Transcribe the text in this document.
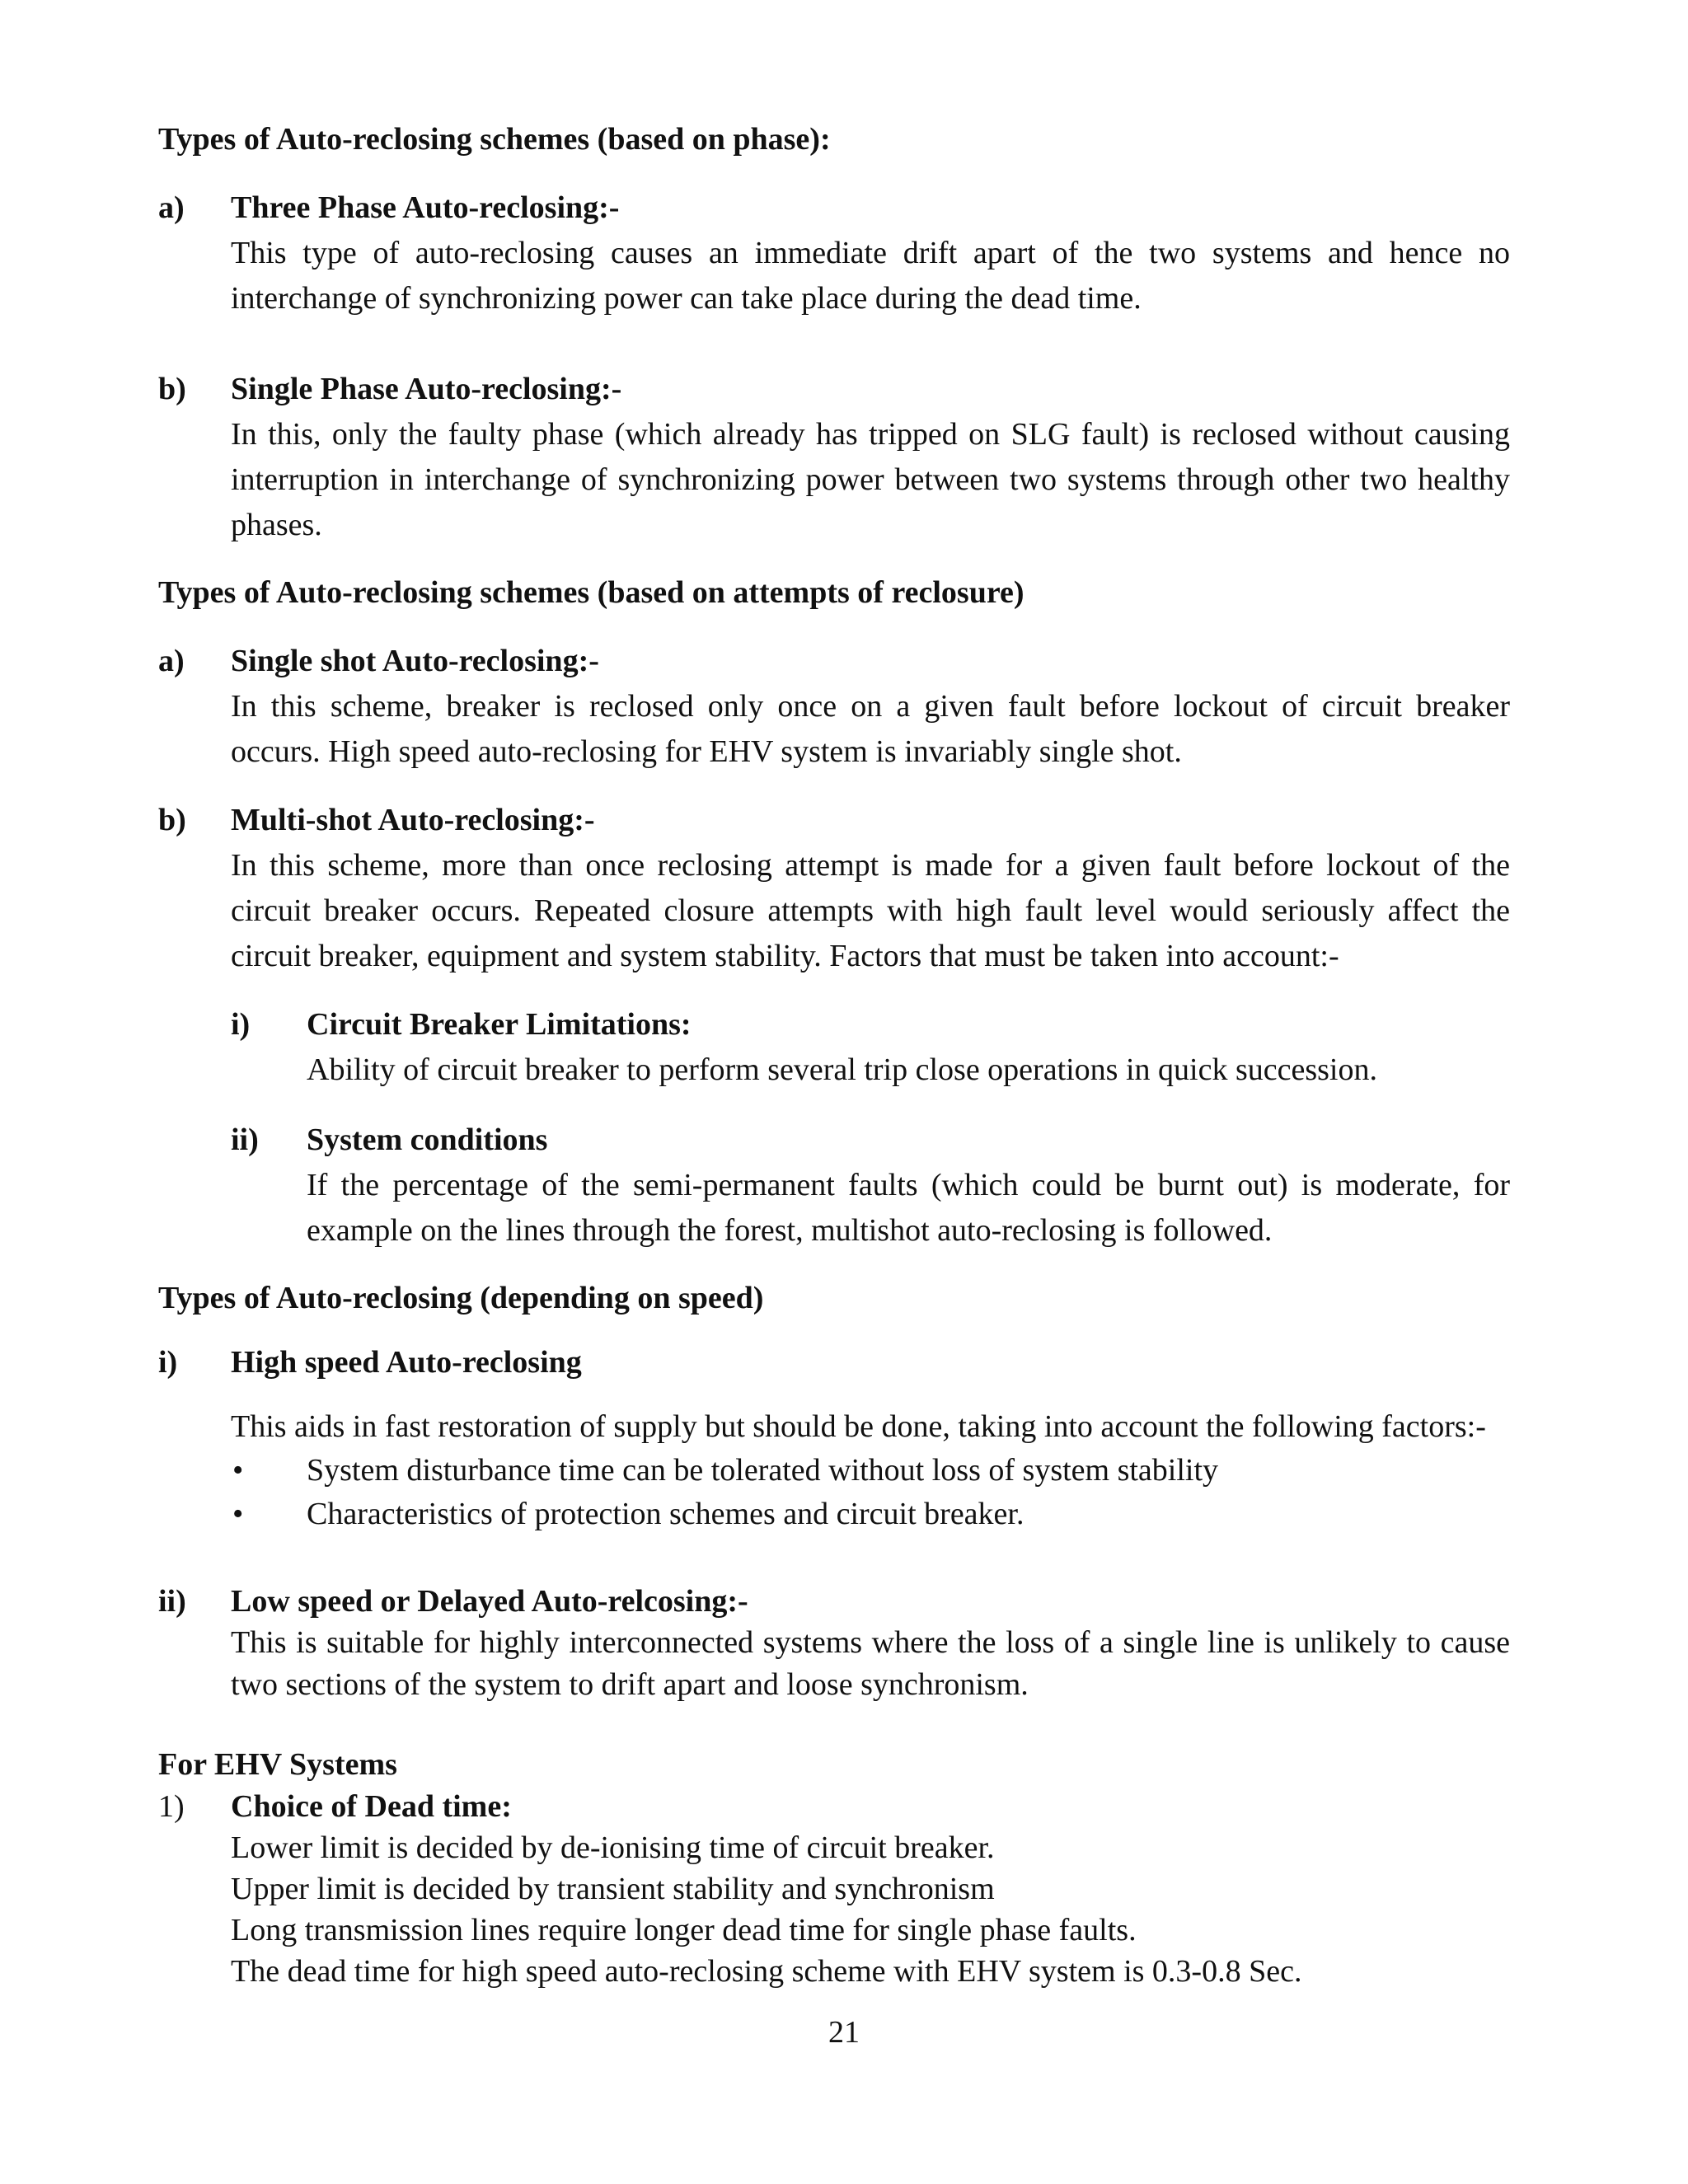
Types of Auto-reclosing schemes (based on phase):
a) Three Phase Auto-reclosing:-
This type of auto-reclosing causes an immediate drift apart of the two systems and hence no
interchange of synchronizing power can take place during the dead time.
b) Single Phase Auto-reclosing:-
In this, only the faulty phase (which already has tripped on SLG fault) is reclosed without causing
interruption in interchange of synchronizing power between two systems through other two healthy
phases.
Types of Auto-reclosing schemes (based on attempts of reclosure)
a) Single shot Auto-reclosing:-
In this scheme, breaker is reclosed only once on a given fault before lockout of circuit breaker
occurs. High speed auto-reclosing for EHV system is invariably single shot.
b) Multi-shot Auto-reclosing:-
In this scheme, more than once reclosing attempt is made for a given fault before lockout of the
circuit breaker occurs. Repeated closure attempts with high fault level would seriously affect the
circuit breaker, equipment and system stability. Factors that must be taken into account:-
i) Circuit Breaker Limitations:
Ability of circuit breaker to perform several trip close operations in quick succession.
ii) System conditions
If the percentage of the semi-permanent faults (which could be burnt out) is moderate, for
example on the lines through the forest, multishot auto-reclosing is followed.
Types of Auto-reclosing (depending on speed)
i) High speed Auto-reclosing
This aids in fast restoration of supply but should be done, taking into account the following factors:-
• System disturbance time can be tolerated without loss of system stability
• Characteristics of protection schemes and circuit breaker.
ii) Low speed or Delayed Auto-relcosing:-
This is suitable for highly interconnected systems where the loss of a single line is unlikely to cause
two sections of the system to drift apart and loose synchronism.
For EHV Systems
1) Choice of Dead time:
Lower limit is decided by de-ionising time of circuit breaker.
Upper limit is decided by transient stability and synchronism
Long transmission lines require longer dead time for single phase faults.
The dead time for high speed auto-reclosing scheme with EHV system is 0.3-0.8 Sec.
21
